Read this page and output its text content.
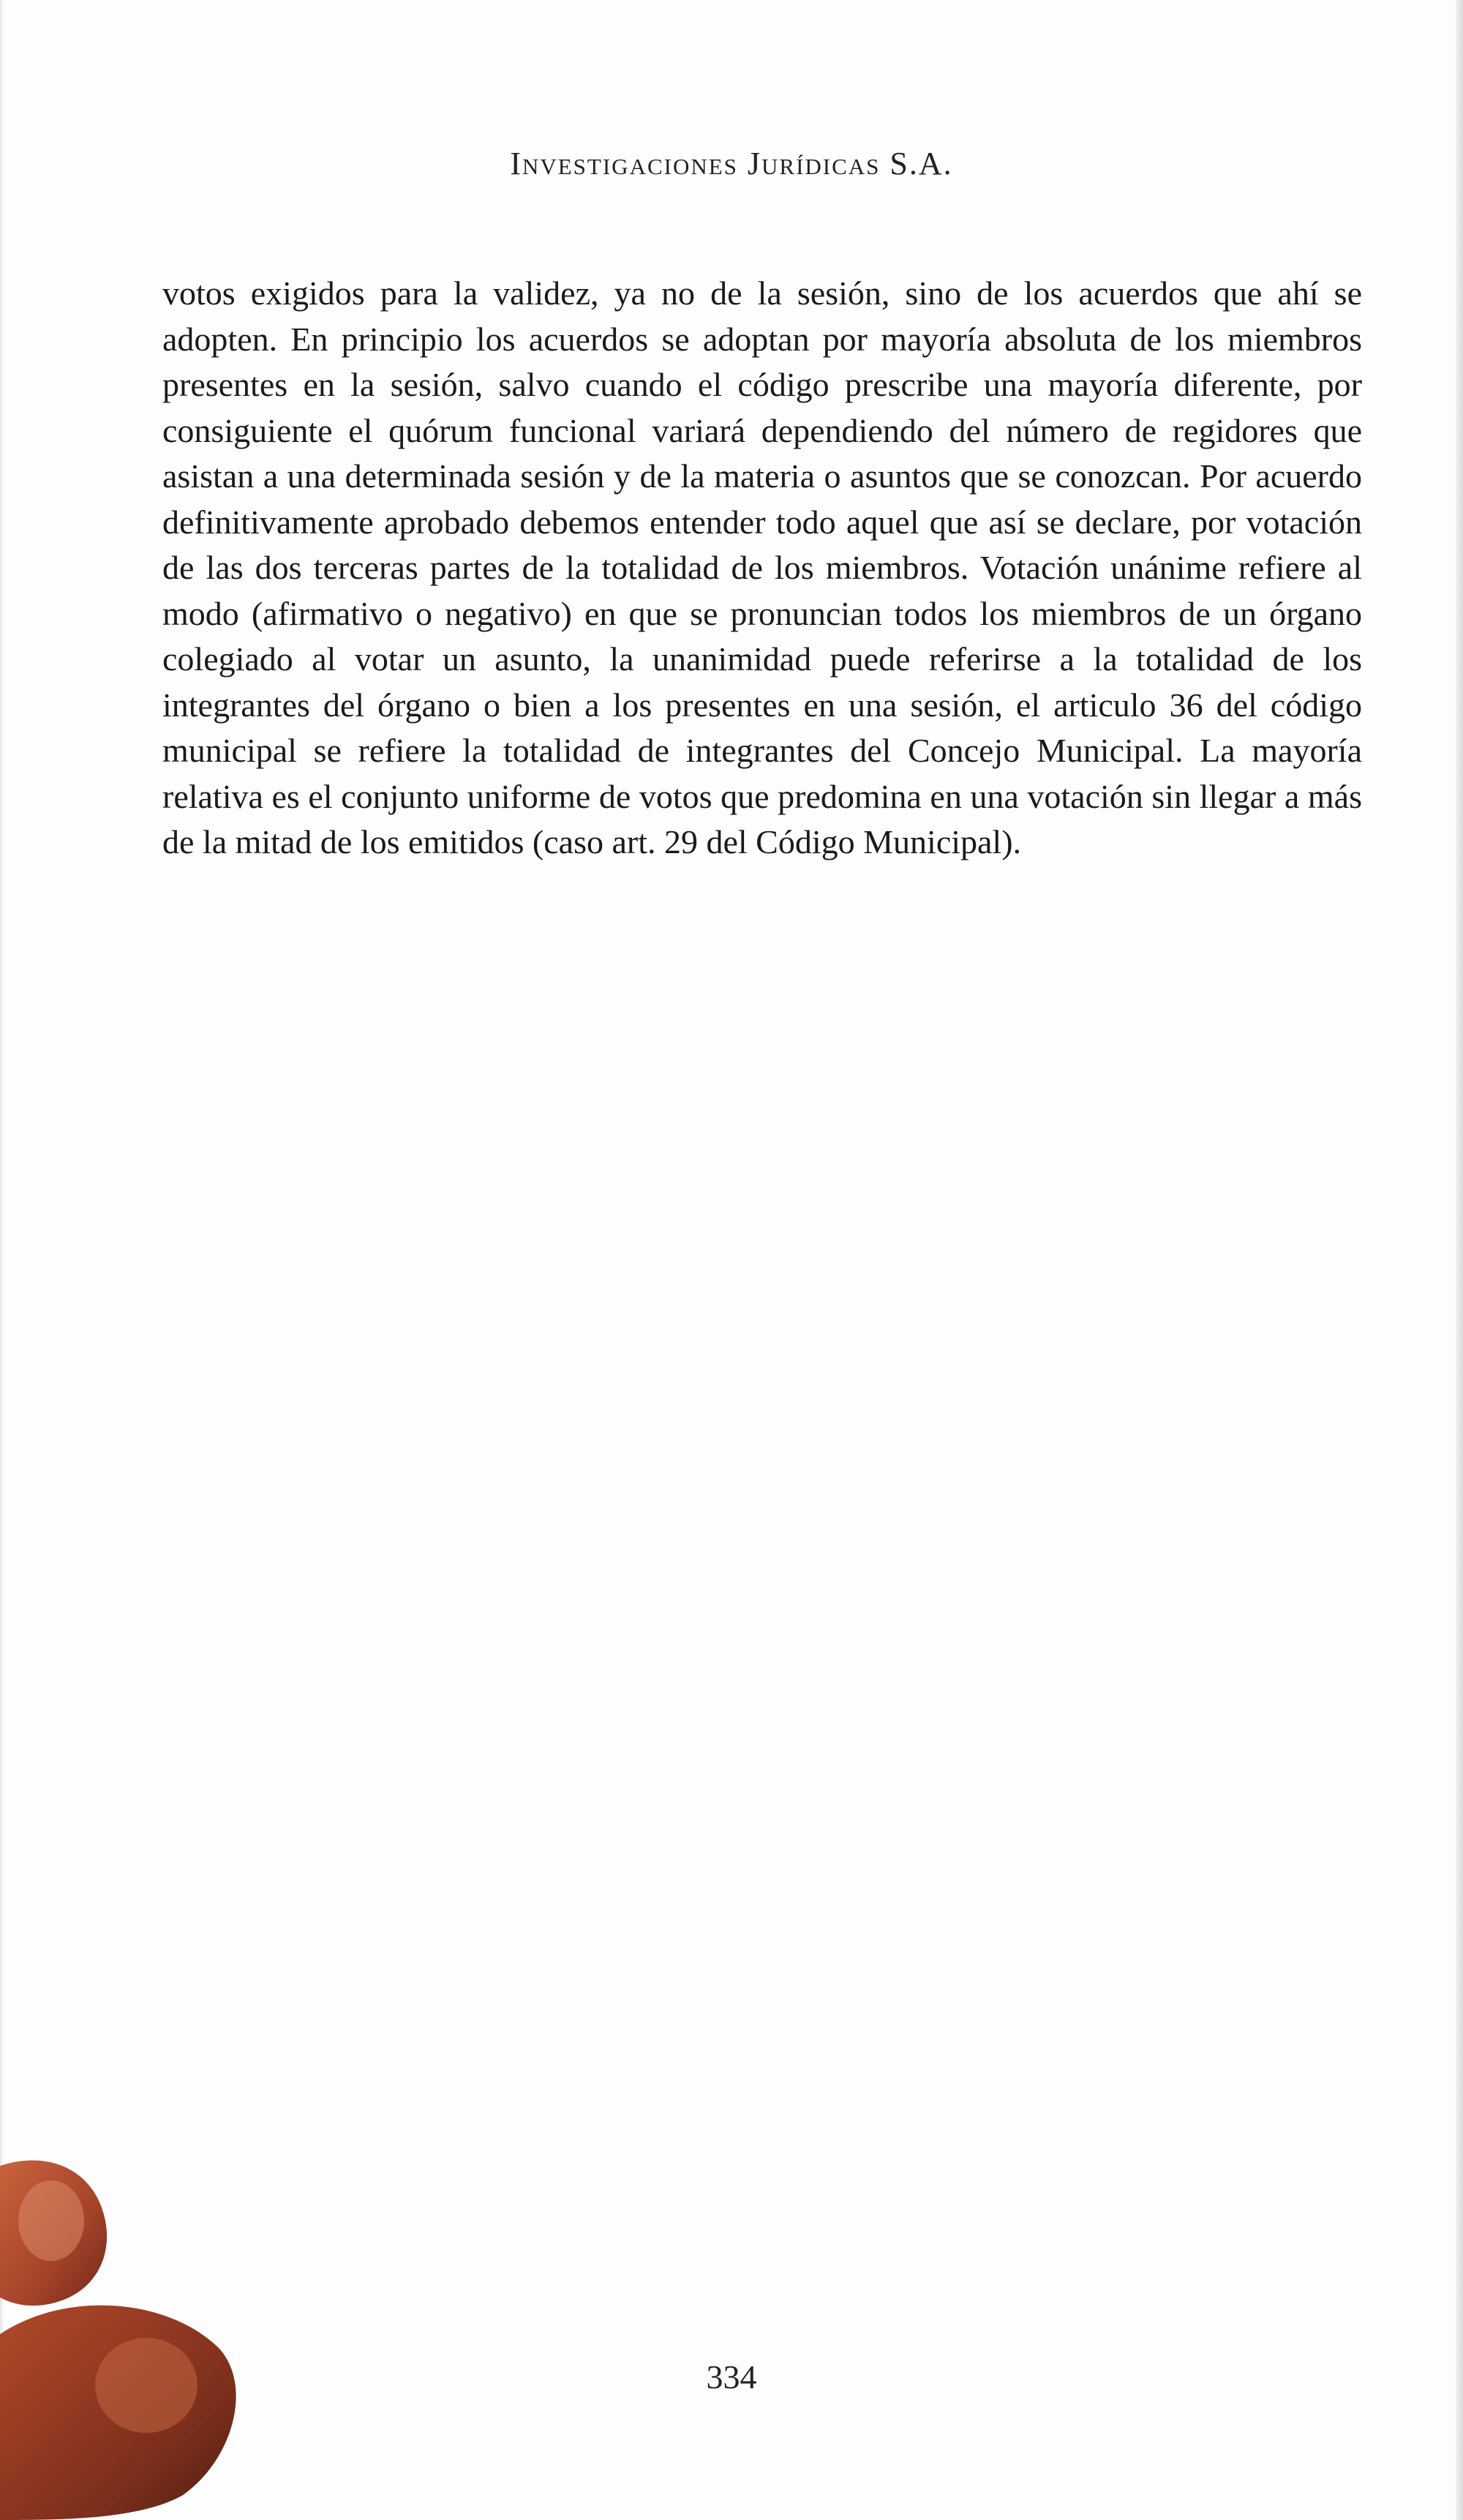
Investigaciones Jurídicas S.A.
votos exigidos para la validez, ya no de la sesión, sino de los acuerdos que ahí se adopten. En principio los acuerdos se adoptan por mayoría absoluta de los miembros presentes en la sesión, salvo cuando el código prescribe una mayoría diferente, por consiguiente el quórum funcional variará dependiendo del número de regidores que asistan a una determinada sesión y de la materia o asuntos que se conozcan. Por acuerdo definitivamente aprobado debemos entender todo aquel que así se declare, por votación de las dos terceras partes de la totalidad de los miembros. Votación unánime refiere al modo (afirmativo o negativo) en que se pronuncian todos los miembros de un órgano colegiado al votar un asunto, la unanimidad puede referirse a la totalidad de los integrantes del órgano o bien a los presentes en una sesión, el articulo 36 del código municipal se refiere la totalidad de integrantes del Concejo Municipal. La mayoría relativa es el conjunto uniforme de votos que predomina en una votación sin llegar a más de la mitad de los emitidos (caso art. 29 del Código Municipal).
334
